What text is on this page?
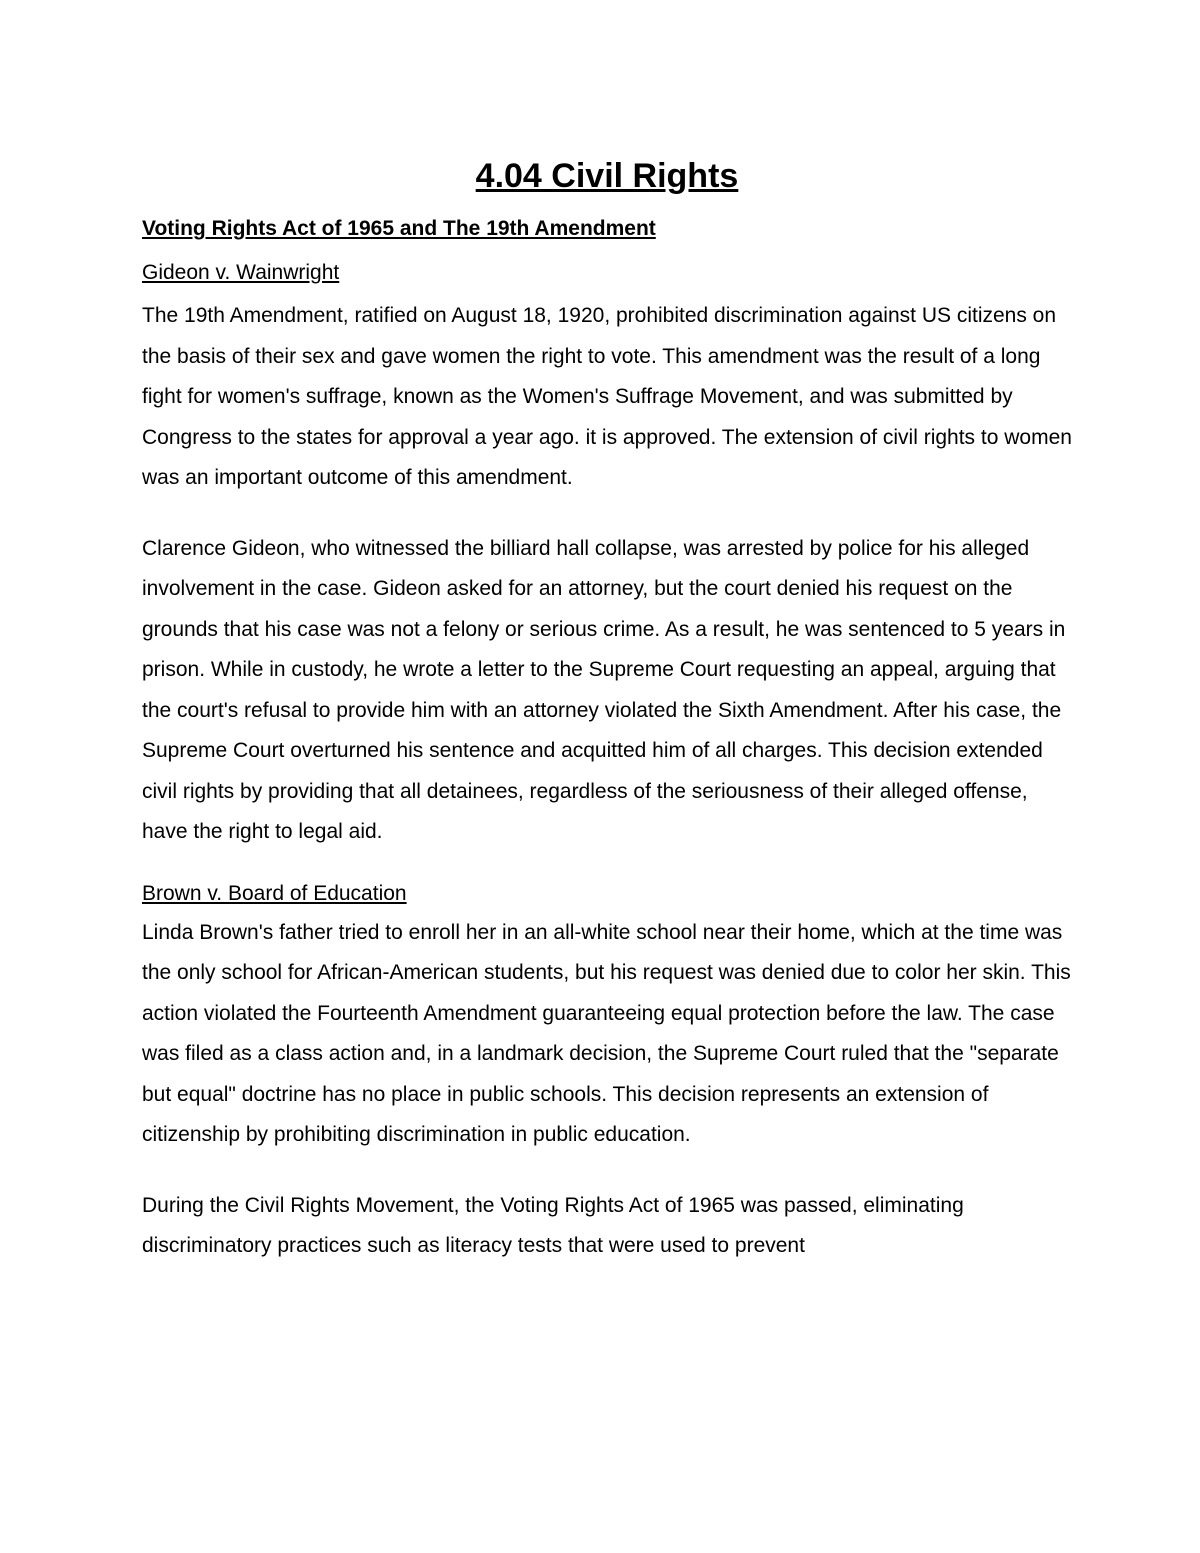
4.04 Civil Rights

Voting Rights Act of 1965 and The 19th Amendment

Gideon v. Wainwright

The 19th Amendment, ratified on August 18, 1920, prohibited discrimination against US citizens on the basis of their sex and gave women the right to vote. This amendment was the result of a long fight for women's suffrage, known as the Women's Suffrage Movement, and was submitted by Congress to the states for approval a year ago. it is approved. The extension of civil rights to women was an important outcome of this amendment.

Clarence Gideon, who witnessed the billiard hall collapse, was arrested by police for his alleged involvement in the case. Gideon asked for an attorney, but the court denied his request on the grounds that his case was not a felony or serious crime. As a result, he was sentenced to 5 years in prison. While in custody, he wrote a letter to the Supreme Court requesting an appeal, arguing that the court's refusal to provide him with an attorney violated the Sixth Amendment. After his case, the Supreme Court overturned his sentence and acquitted him of all charges. This decision extended civil rights by providing that all detainees, regardless of the seriousness of their alleged offense, have the right to legal aid.

Brown v. Board of Education

Linda Brown's father tried to enroll her in an all-white school near their home, which at the time was the only school for African-American students, but his request was denied due to color her skin. This action violated the Fourteenth Amendment guaranteeing equal protection before the law. The case was filed as a class action and, in a landmark decision, the Supreme Court ruled that the "separate but equal" doctrine has no place in public schools. This decision represents an extension of citizenship by prohibiting discrimination in public education.

During the Civil Rights Movement, the Voting Rights Act of 1965 was passed, eliminating discriminatory practices such as literacy tests that were used to prevent
